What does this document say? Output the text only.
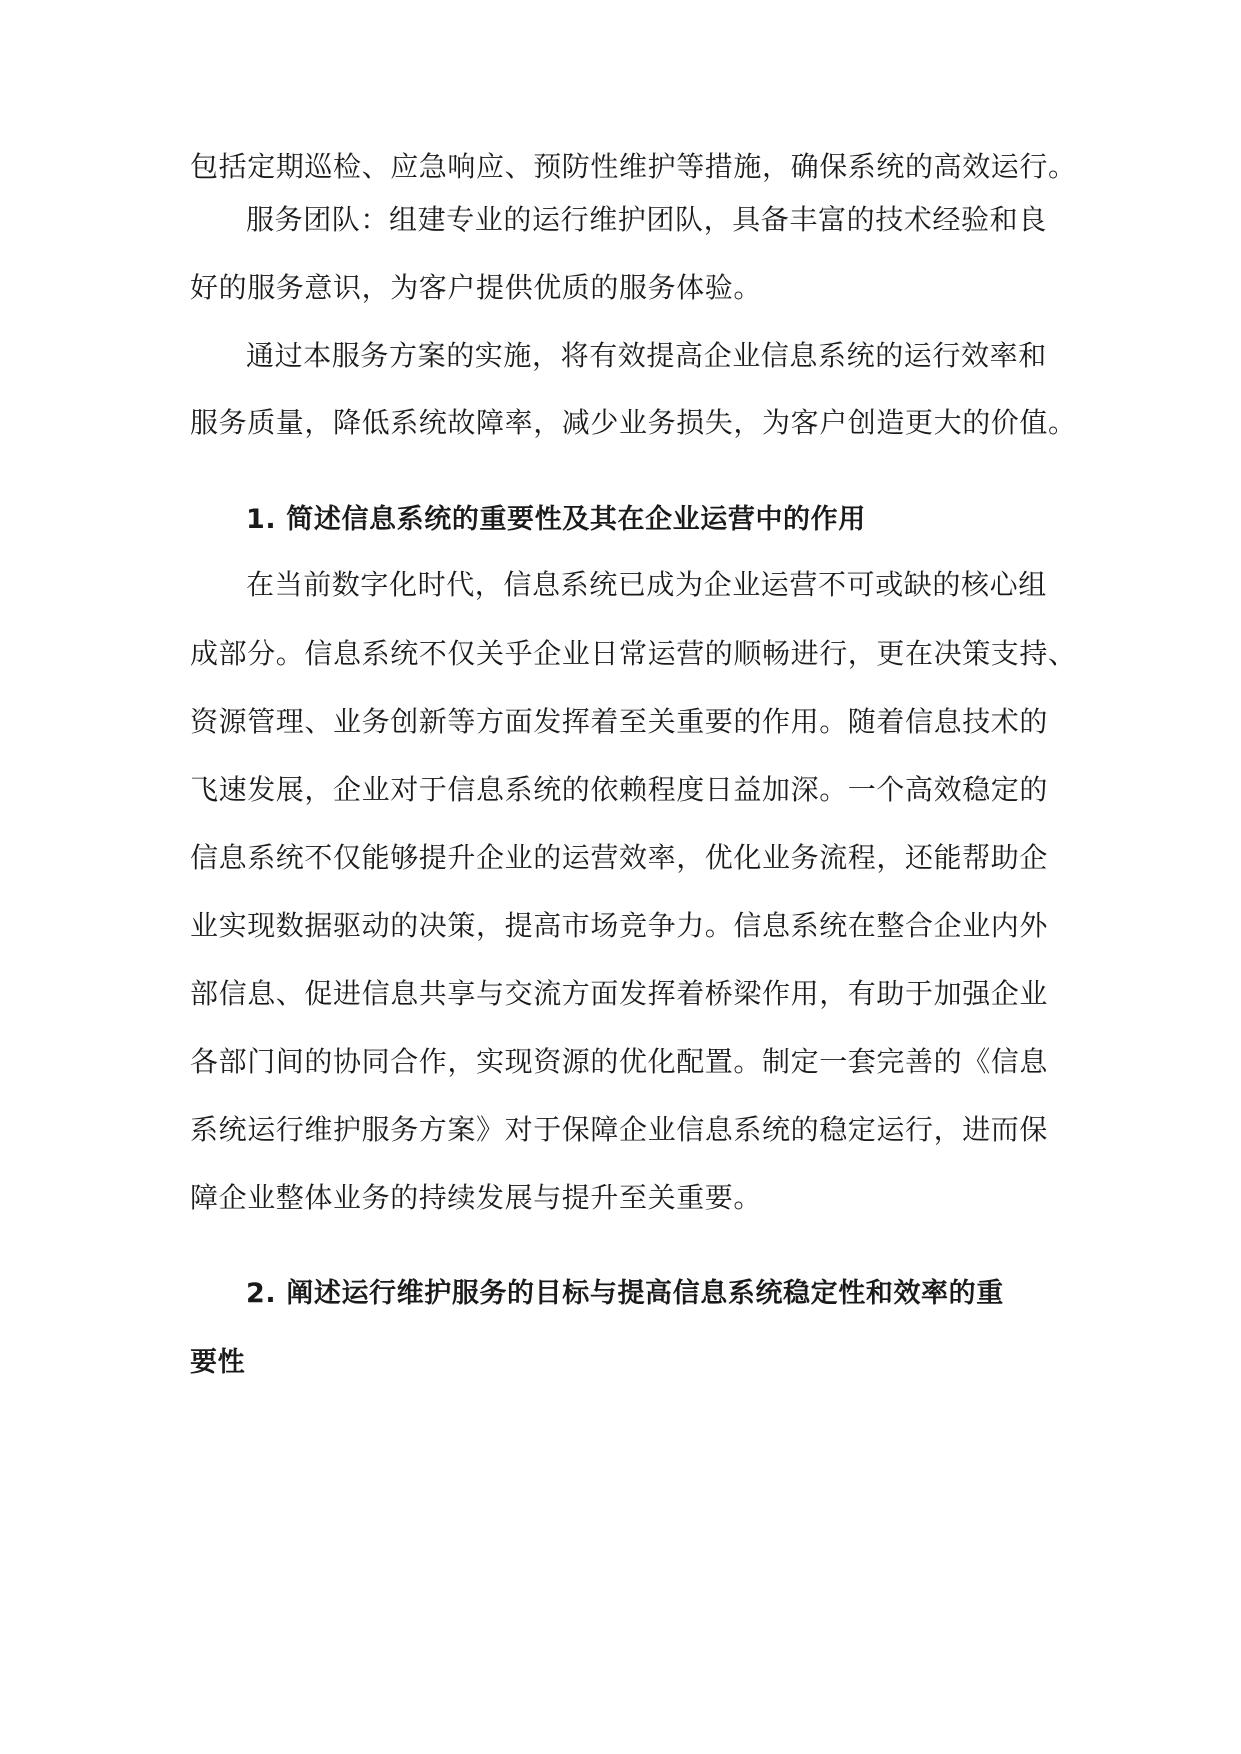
包括定期巡检、应急响应、预防性维护等措施，确保系统的高效运行。
服务团队：组建专业的运行维护团队，具备丰富的技术经验和良
好的服务意识，为客户提供优质的服务体验。
通过本服务方案的实施，将有效提高企业信息系统的运行效率和
服务质量，降低系统故障率，减少业务损失，为客户创造更大的价值。
1. 简述信息系统的重要性及其在企业运营中的作用
在当前数字化时代，信息系统已成为企业运营不可或缺的核心组
成部分。信息系统不仅关乎企业日常运营的顺畅进行，更在决策支持、
资源管理、业务创新等方面发挥着至关重要的作用。随着信息技术的
飞速发展，企业对于信息系统的依赖程度日益加深。一个高效稳定的
信息系统不仅能够提升企业的运营效率，优化业务流程，还能帮助企
业实现数据驱动的决策，提高市场竞争力。信息系统在整合企业内外
部信息、促进信息共享与交流方面发挥着桥梁作用，有助于加强企业
各部门间的协同合作，实现资源的优化配置。制定一套完善的《信息
系统运行维护服务方案》对于保障企业信息系统的稳定运行，进而保
障企业整体业务的持续发展与提升至关重要。
2. 阐述运行维护服务的目标与提高信息系统稳定性和效率的重
要性
